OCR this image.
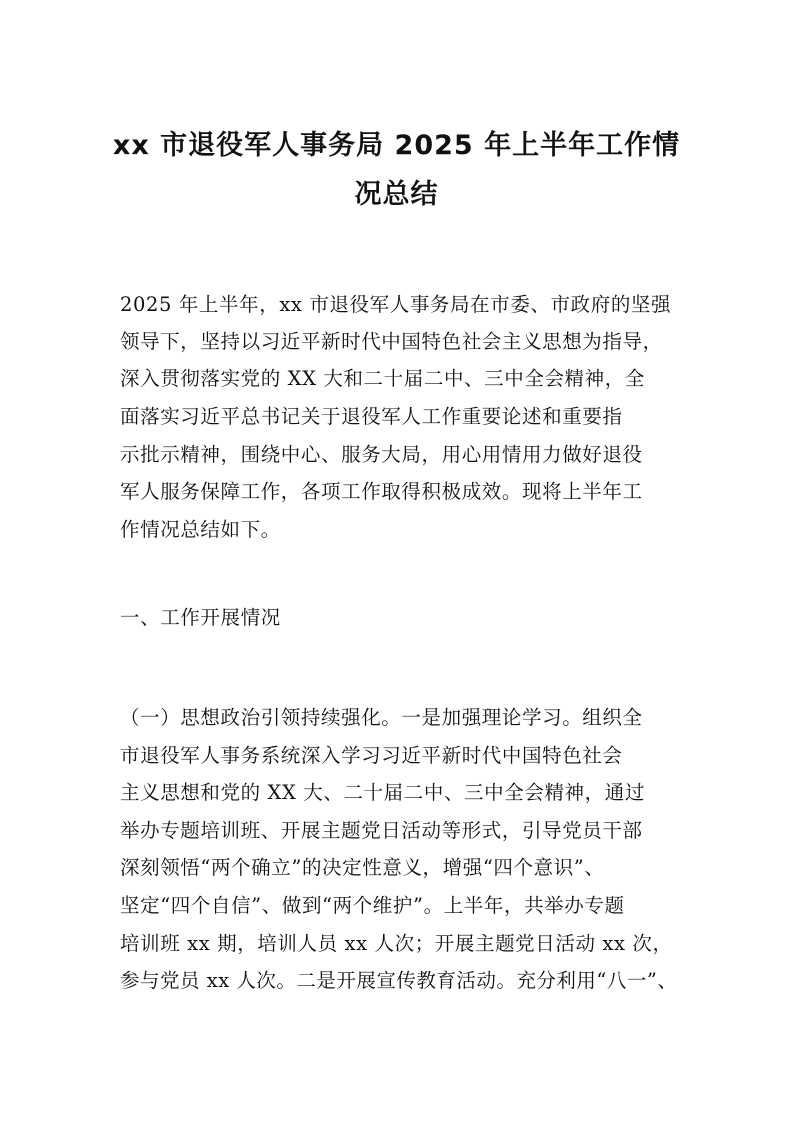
xx 市退役军人事务局 2025 年上半年工作情
况总结
2025 年上半年，xx 市退役军人事务局在市委、市政府的坚强
领导下，坚持以习近平新时代中国特色社会主义思想为指导，
深入贯彻落实党的 XX 大和二十届二中、三中全会精神，全
面落实习近平总书记关于退役军人工作重要论述和重要指
示批示精神，围绕中心、服务大局，用心用情用力做好退役
军人服务保障工作，各项工作取得积极成效。现将上半年工
作情况总结如下。
一、工作开展情况
（一）思想政治引领持续强化。一是加强理论学习。组织全
市退役军人事务系统深入学习习近平新时代中国特色社会
主义思想和党的 XX 大、二十届二中、三中全会精神，通过
举办专题培训班、开展主题党日活动等形式，引导党员干部
深刻领悟“两个确立”的决定性意义，增强“四个意识”、
坚定“四个自信”、做到“两个维护”。上半年，共举办专题
培训班 xx 期，培训人员 xx 人次；开展主题党日活动 xx 次，
参与党员 xx 人次。二是开展宣传教育活动。充分利用“八一”、
